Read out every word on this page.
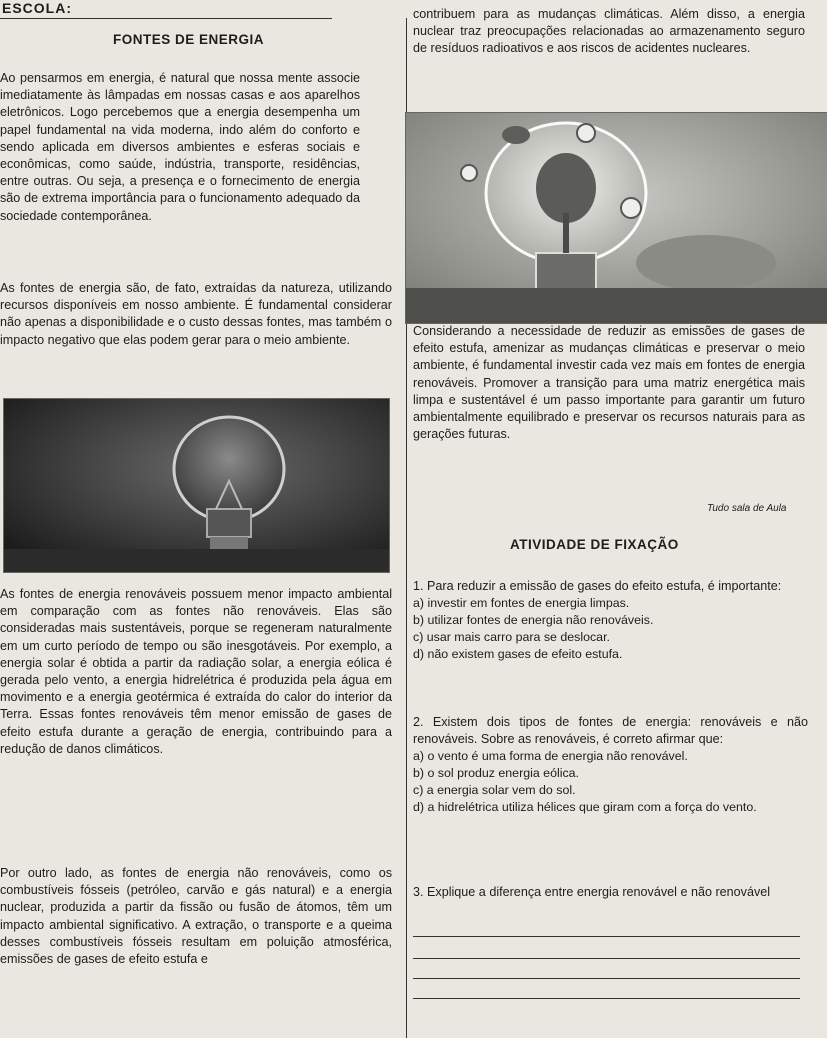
ESCOLA:
FONTES DE ENERGIA

Ao pensarmos em energia, é natural que nossa mente associe imediatamente às lâmpadas em nossas casas e aos aparelhos eletrônicos. Logo percebemos que a energia desempenha um papel fundamental na vida moderna, indo além do conforto e sendo aplicada em diversos ambientes e esferas sociais e econômicas, como saúde, indústria, transporte, residências, entre outras. Ou seja, a presença e o fornecimento de energia são de extrema importância para o funcionamento adequado da sociedade contemporânea.

As fontes de energia são, de fato, extraídas da natureza, utilizando recursos disponíveis em nosso ambiente. É fundamental considerar não apenas a disponibilidade e o custo dessas fontes, mas também o impacto negativo que elas podem gerar para o meio ambiente.

As fontes de energia renováveis possuem menor impacto ambiental em comparação com as fontes não renováveis. Elas são consideradas mais sustentáveis, porque se regeneram naturalmente em um curto período de tempo ou são inesgotáveis. Por exemplo, a energia solar é obtida a partir da radiação solar, a energia eólica é gerada pelo vento, a energia hidrelétrica é produzida pela água em movimento e a energia geotérmica é extraída do calor do interior da Terra. Essas fontes renováveis têm menor emissão de gases de efeito estufa durante a geração de energia, contribuindo para a redução de danos climáticos.

Por outro lado, as fontes de energia não renováveis, como os combustíveis fósseis (petróleo, carvão e gás natural) e a energia nuclear, produzida a partir da fissão ou fusão de átomos, têm um impacto ambiental significativo. A extração, o transporte e a queima desses combustíveis fósseis resultam em poluição atmosférica, emissões de gases de efeito estufa e

contribuem para as mudanças climáticas. Além disso, a energia nuclear traz preocupações relacionadas ao armazenamento seguro de resíduos radioativos e aos riscos de acidentes nucleares.

Considerando a necessidade de reduzir as emissões de gases de efeito estufa, amenizar as mudanças climáticas e preservar o meio ambiente, é fundamental investir cada vez mais em fontes de energia renováveis. Promover a transição para uma matriz energética mais limpa e sustentável é um passo importante para garantir um futuro ambientalmente equilibrado e preservar os recursos naturais para as gerações futuras.

Tudo sala de Aula
ATIVIDADE DE FIXAÇÃO

1. Para reduzir a emissão de gases do efeito estufa, é importante:

a) investir em fontes de energia limpas.
b) utilizar fontes de energia não renováveis.
c) usar mais carro para se deslocar.
d) não existem gases de efeito estufa.

2. Existem dois tipos de fontes de energia: renováveis e não renováveis. Sobre as renováveis, é correto afirmar que:

a) o vento é uma forma de energia não renovável.
b) o sol produz energia eólica.
c) a energia solar vem do sol.
d) a hidrelétrica utiliza hélices que giram com a força do vento.

3. Explique a diferença entre energia renovável e não renovável
